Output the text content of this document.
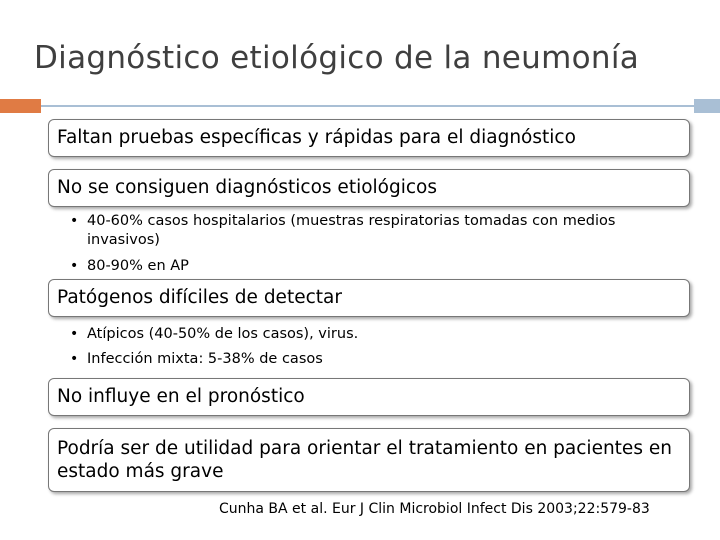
Diagnóstico etiológico de la neumonía
Faltan pruebas específicas y rápidas para el diagnóstico
No se consiguen diagnósticos etiológicos
• 40-60% casos hospitalarios (muestras respiratorias tomadas con medios
invasivos)
• 80-90% en AP
Patógenos difíciles de detectar
• Atípicos (40-50% de los casos), virus.
• Infección mixta: 5-38% de casos
No influye en el pronóstico
Podría ser de utilidad para orientar el tratamiento en pacientes en estado más grave
Cunha BA et al. Eur J Clin Microbiol Infect Dis 2003;22:579-83
